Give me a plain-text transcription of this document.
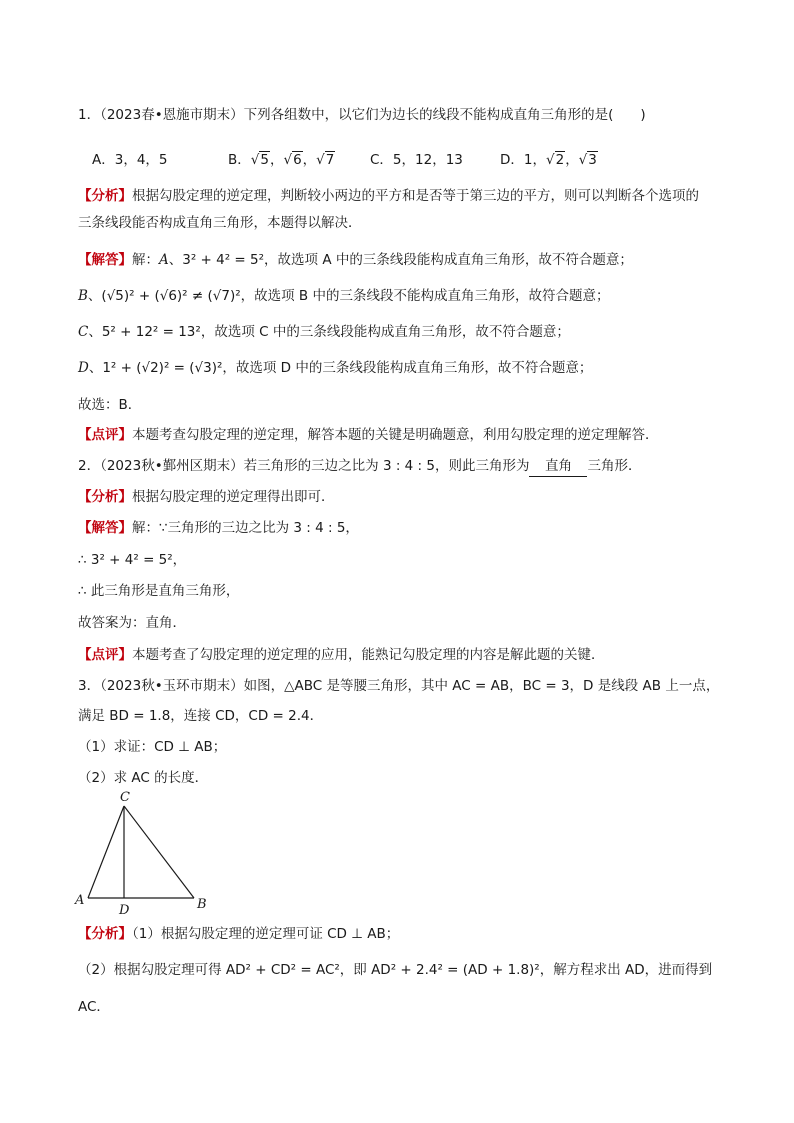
1．（2023春•恩施市期末）下列各组数中，以它们为边长的线段不能构成直角三角形的是(　　)
A．3，4，5	B．√5，√6，√7	C．5，12，13	D．1，√2，√3
【分析】根据勾股定理的逆定理，判断较小两边的平方和是否等于第三边的平方，则可以判断各个选项的
三条线段能否构成直角三角形，本题得以解决．
【解答】解：A、3² + 4² = 5²，故选项 A 中的三条线段能构成直角三角形，故不符合题意；
B、(√5)² + (√6)² ≠ (√7)²，故选项 B 中的三条线段不能构成直角三角形，故符合题意；
C、5² + 12² = 13²，故选项 C 中的三条线段能构成直角三角形，故不符合题意；
D、1² + (√2)² = (√3)²，故选项 D 中的三条线段能构成直角三角形，故不符合题意；
故选：B．
【点评】本题考查勾股定理的逆定理，解答本题的关键是明确题意，利用勾股定理的逆定理解答．
2．（2023秋•鄞州区期末）若三角形的三边之比为 3 : 4 : 5，则此三角形为 直角 三角形．
【分析】根据勾股定理的逆定理得出即可．
【解答】解：∵三角形的三边之比为 3 : 4 : 5，
∴ 3² + 4² = 5²，
∴ 此三角形是直角三角形，
故答案为：直角．
【点评】本题考查了勾股定理的逆定理的应用，能熟记勾股定理的内容是解此题的关键．
3．（2023秋•玉环市期末）如图，△ABC 是等腰三角形，其中 AC = AB，BC = 3，D 是线段 AB 上一点，
满足 BD = 1.8，连接 CD，CD = 2.4．
（1）求证：CD ⊥ AB；
（2）求 AC 的长度．
C
A
D	B
【分析】（1）根据勾股定理的逆定理可证 CD ⊥ AB；
（2）根据勾股定理可得 AD² + CD² = AC²，即 AD² + 2.4² = (AD + 1.8)²，解方程求出 AD，进而得到
AC．
